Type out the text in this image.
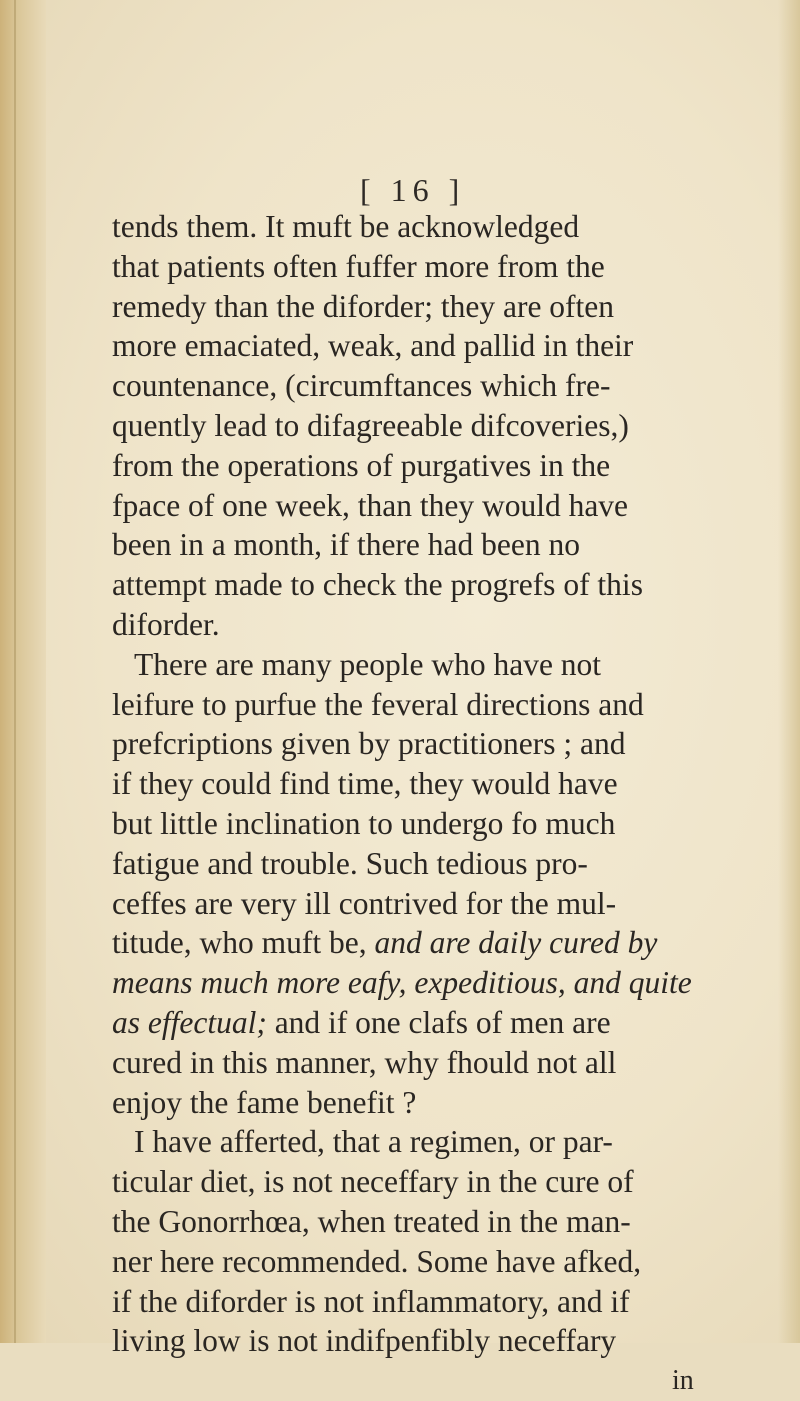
[ 16 ]
tends them. It muft be acknowledged
that patients often fuffer more from the
remedy than the diforder; they are often
more emaciated, weak, and pallid in their
countenance, (circumftances which fre-
quently lead to difagreeable difcoveries,)
from the operations of purgatives in the
fpace of one week, than they would have
been in a month, if there had been no
attempt made to check the progrefs of this
diforder.
There are many people who have not
leifure to purfue the feveral directions and
prefcriptions given by practitioners ; and
if they could find time, they would have
but little inclination to undergo fo much
fatigue and trouble. Such tedious pro-
ceffes are very ill contrived for the mul-
titude, who muft be, and are daily cured by
means much more eafy, expeditious, and quite
as effectual; and if one clafs of men are
cured in this manner, why fhould not all
enjoy the fame benefit ?
I have afferted, that a regimen, or par-
ticular diet, is not neceffary in the cure of
the Gonorrhœa, when treated in the man-
ner here recommended. Some have afked,
if the diforder is not inflammatory, and if
living low is not indifpenfibly neceffary
in
